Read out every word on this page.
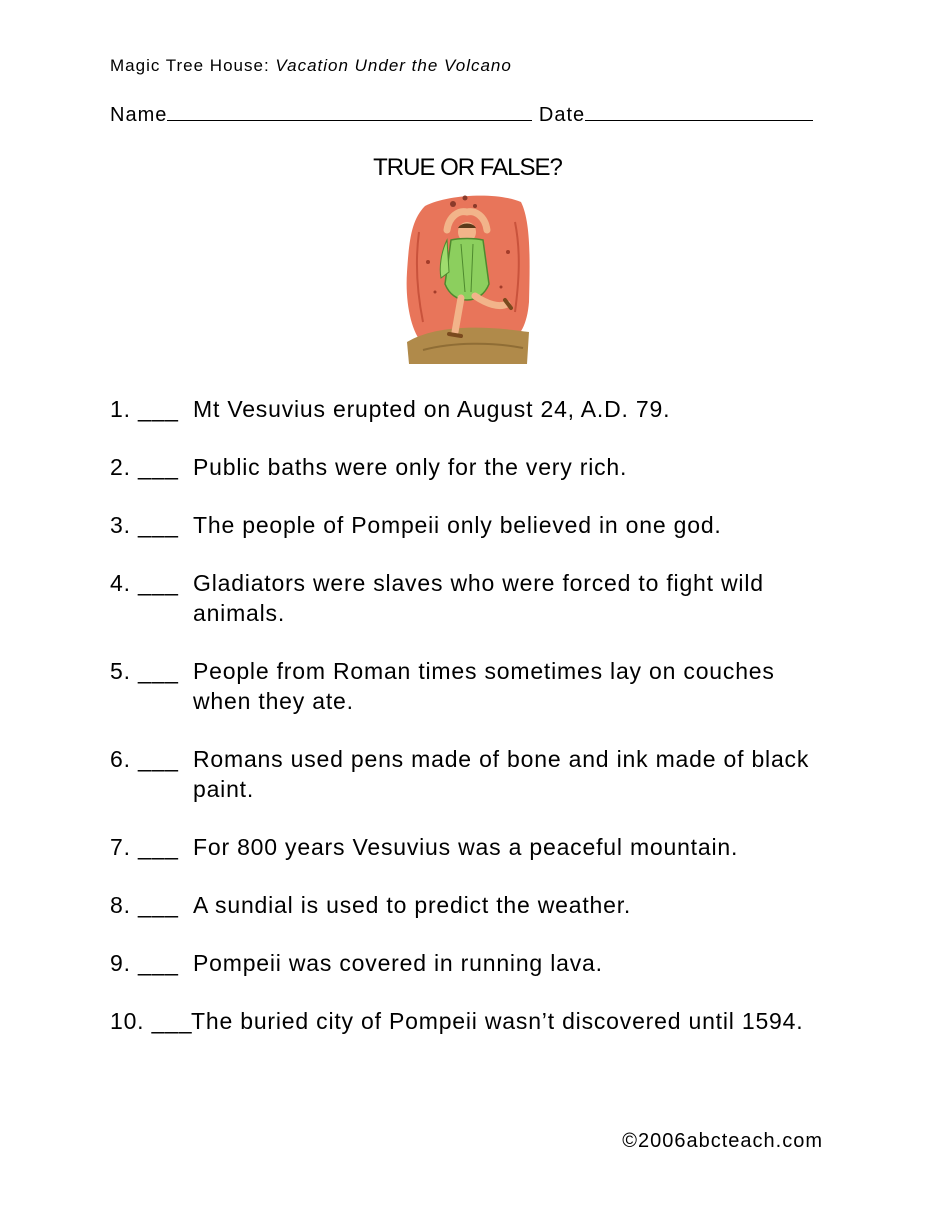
Magic Tree House: Vacation Under the Volcano
Name	Date
TRUE OR FALSE?
1. ___ Mt Vesuvius erupted on August 24, A.D. 79.
2. ___ Public baths were only for the very rich.
3. ___ The people of Pompeii only believed in one god.
4. ___ Gladiators were slaves who were forced to fight wild animals.
5. ___ People from Roman times sometimes lay on couches when they ate.
6. ___ Romans used pens made of bone and ink made of black paint.
7. ___ For 800 years Vesuvius was a peaceful mountain.
8. ___ A sundial is used to predict the weather.
9. ___ Pompeii was covered in running lava.
10. ___
The buried city of Pompeii wasn’t discovered until 1594.
©2006abcteach.com
